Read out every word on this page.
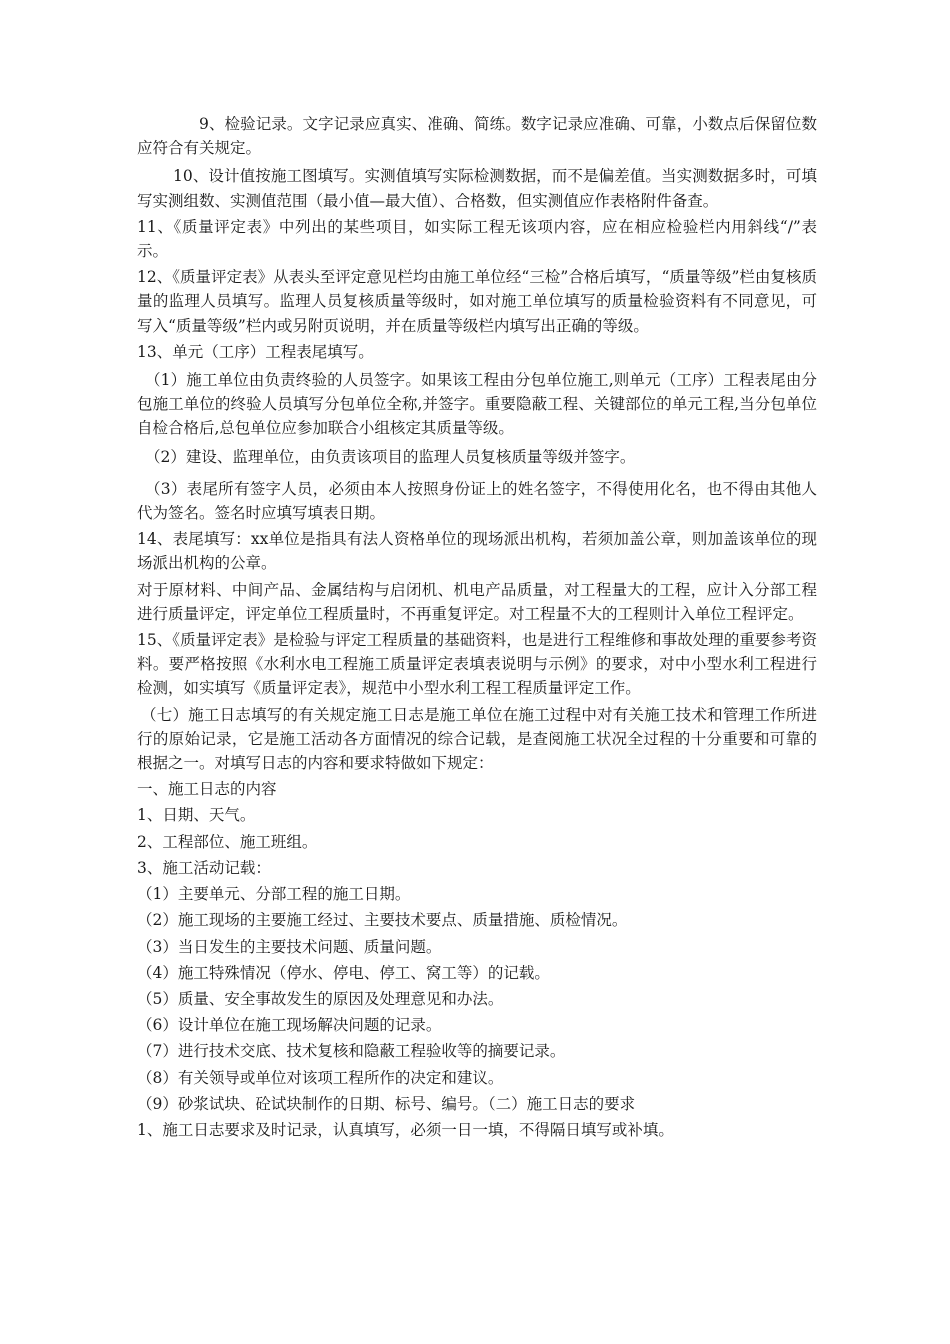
9、检验记录。文字记录应真实、准确、简练。数字记录应准确、可靠，小数点后保留位数应符合有关规定。

10、设计值按施工图填写。实测值填写实际检测数据，而不是偏差值。当实测数据多时，可填写实测组数、实测值范围（最小值—最大值）、合格数，但实测值应作表格附件备查。

11、《质量评定表》中列出的某些项目，如实际工程无该项内容，应在相应检验栏内用斜线“/”表示。

12、《质量评定表》从表头至评定意见栏均由施工单位经“三检”合格后填写，“质量等级”栏由复核质量的监理人员填写。监理人员复核质量等级时，如对施工单位填写的质量检验资料有不同意见，可写入“质量等级”栏内或另附页说明，并在质量等级栏内填写出正确的等级。

13、单元（工序）工程表尾填写。

（1）施工单位由负责终验的人员签字。如果该工程由分包单位施工,则单元（工序）工程表尾由分包施工单位的终验人员填写分包单位全称,并签字。重要隐蔽工程、关键部位的单元工程,当分包单位自检合格后,总包单位应参加联合小组核定其质量等级。

（2）建设、监理单位，由负责该项目的监理人员复核质量等级并签字。

（3）表尾所有签字人员，必须由本人按照身份证上的姓名签字，不得使用化名，也不得由其他人代为签名。签名时应填写填表日期。

14、表尾填写：xx单位是指具有法人资格单位的现场派出机构，若须加盖公章，则加盖该单位的现场派出机构的公章。

对于原材料、中间产品、金属结构与启闭机、机电产品质量，对工程量大的工程，应计入分部工程进行质量评定，评定单位工程质量时，不再重复评定。对工程量不大的工程则计入单位工程评定。

15、《质量评定表》是检验与评定工程质量的基础资料，也是进行工程维修和事故处理的重要参考资料。要严格按照《水利水电工程施工质量评定表填表说明与示例》的要求，对中小型水利工程进行检测，如实填写《质量评定表》，规范中小型水利工程工程质量评定工作。

（七）施工日志填写的有关规定施工日志是施工单位在施工过程中对有关施工技术和管理工作所进行的原始记录，它是施工活动各方面情况的综合记载，是查阅施工状况全过程的十分重要和可靠的根据之一。对填写日志的内容和要求特做如下规定：

一、施工日志的内容

1、日期、天气。

2、工程部位、施工班组。

3、施工活动记载：

（1）主要单元、分部工程的施工日期。

（2）施工现场的主要施工经过、主要技术要点、质量措施、质检情况。

（3）当日发生的主要技术问题、质量问题。

（4）施工特殊情况（停水、停电、停工、窝工等）的记载。

（5）质量、安全事故发生的原因及处理意见和办法。

（6）设计单位在施工现场解决问题的记录。

（7）进行技术交底、技术复核和隐蔽工程验收等的摘要记录。

（8）有关领导或单位对该项工程所作的决定和建议。

（9）砂浆试块、砼试块制作的日期、标号、编号。（二）施工日志的要求

1、施工日志要求及时记录，认真填写，必须一日一填，不得隔日填写或补填。
